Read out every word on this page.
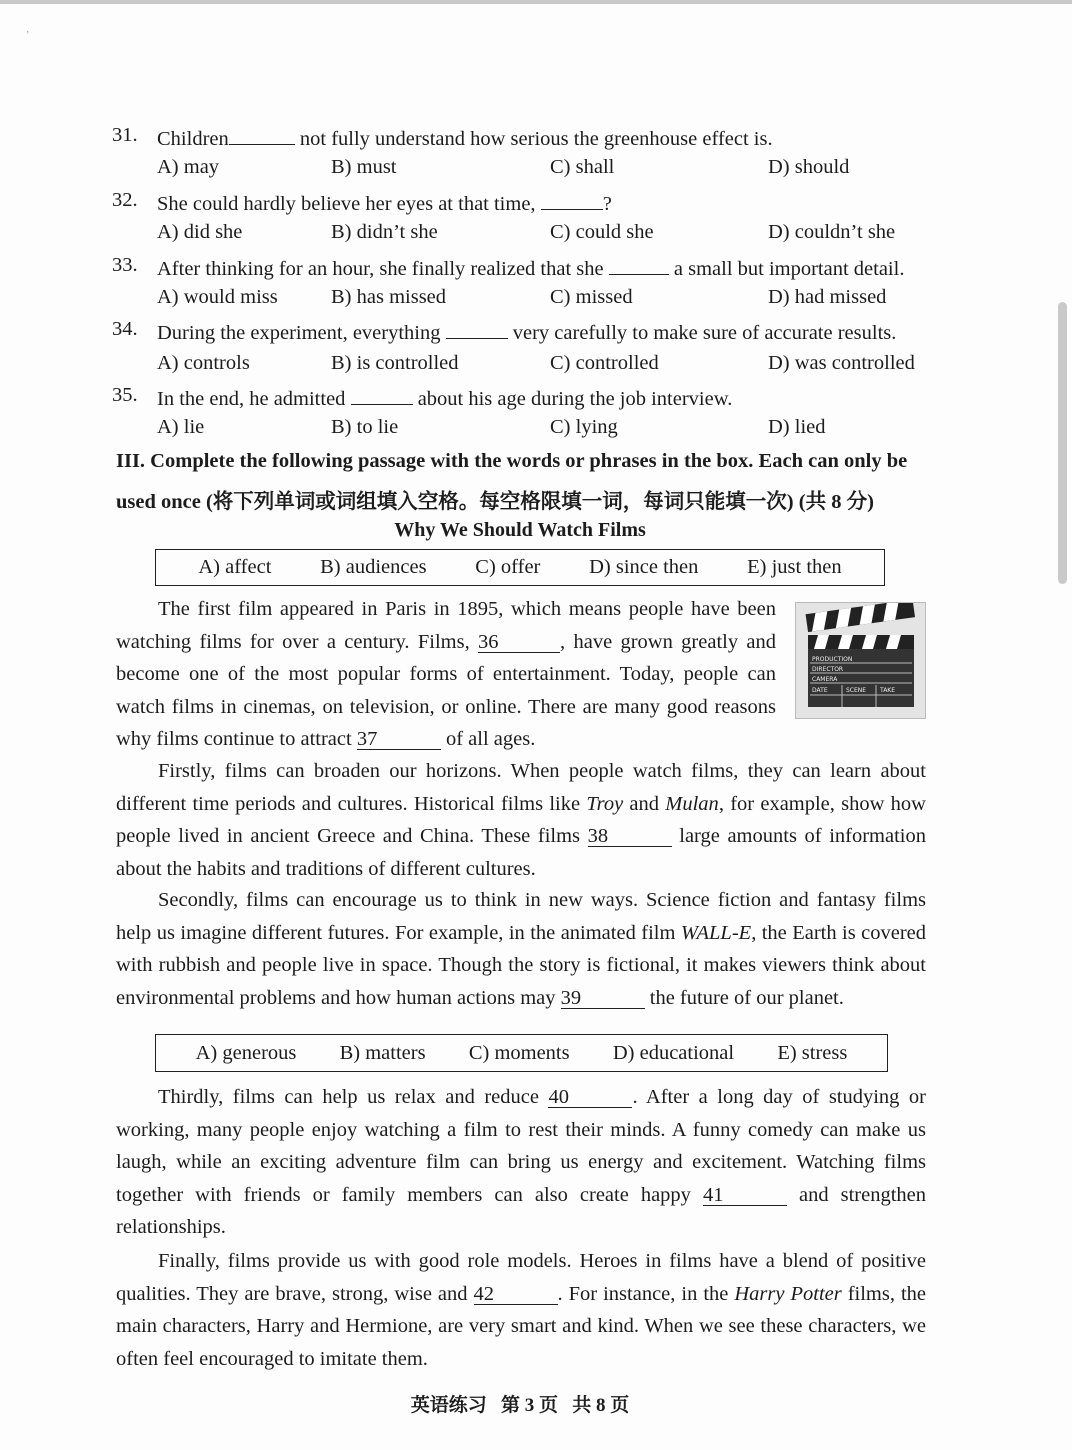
ʼ
31. Children	not fully understand how serious the greenhouse effect is.
A) may	B) must	C) shall	D) should
32. She could hardly believe her eyes at that time,	?
A) did she	B) didn’t she	C) could she	D) couldn’t she
33. After thinking for an hour, she finally realized that she	a small but important detail.
A) would miss	B) has missed	C) missed	D) had missed
34. During the experiment, everything	very carefully to make sure of accurate results.
A) controls	B) is controlled	C) controlled	D) was controlled
35. In the end, he admitted	about his age during the job interview.
A) lie	B) to lie	C) lying	D) lied
III. Complete the following passage with the words or phrases in the box. Each can only be
used once (将下列单词或词组填入空格。每空格限填一词，每词只能填一次) (共 8 分)
Why We Should Watch Films
A) affect B) audiences C) offer D) since then E) just then
PRODUCTION
DIRECTOR
CAMERA
DATE	SCENE TAKE
The first film appeared in Paris in 1895, which means people have been
watching films for over a century. Films, 36	, have grown greatly and
become one of the most popular forms of entertainment. Today, people can
watch films in cinemas, on television, or online. There are many good reasons
why films continue to attract 37	of all ages.
Firstly, films can broaden our horizons. When people watch films, they can learn about
different time periods and cultures. Historical films like Troy and Mulan, for example, show how
people lived in ancient Greece and China. These films 38	large amounts of information
about the habits and traditions of different cultures.
Secondly, films can encourage us to think in new ways. Science fiction and fantasy films
help us imagine different futures. For example, in the animated film WALL-E, the Earth is covered
with rubbish and people live in space. Though the story is fictional, it makes viewers think about
environmental problems and how human actions may 39	the future of our planet.
A) generous B) matters C) moments D) educational E) stress
Thirdly, films can help us relax and reduce 40	. After a long day of studying or
working, many people enjoy watching a film to rest their minds. A funny comedy can make us
laugh, while an exciting adventure film can bring us energy and excitement. Watching films
together with friends or family members can also create happy 41	and strengthen
relationships.
Finally, films provide us with good role models. Heroes in films have a blend of positive
qualities. They are brave, strong, wise and 42	. For instance, in the Harry Potter films, the
main characters, Harry and Hermione, are very smart and kind. When we see these characters, we
often feel encouraged to imitate them.
英语练习   第 3 页   共 8 页
